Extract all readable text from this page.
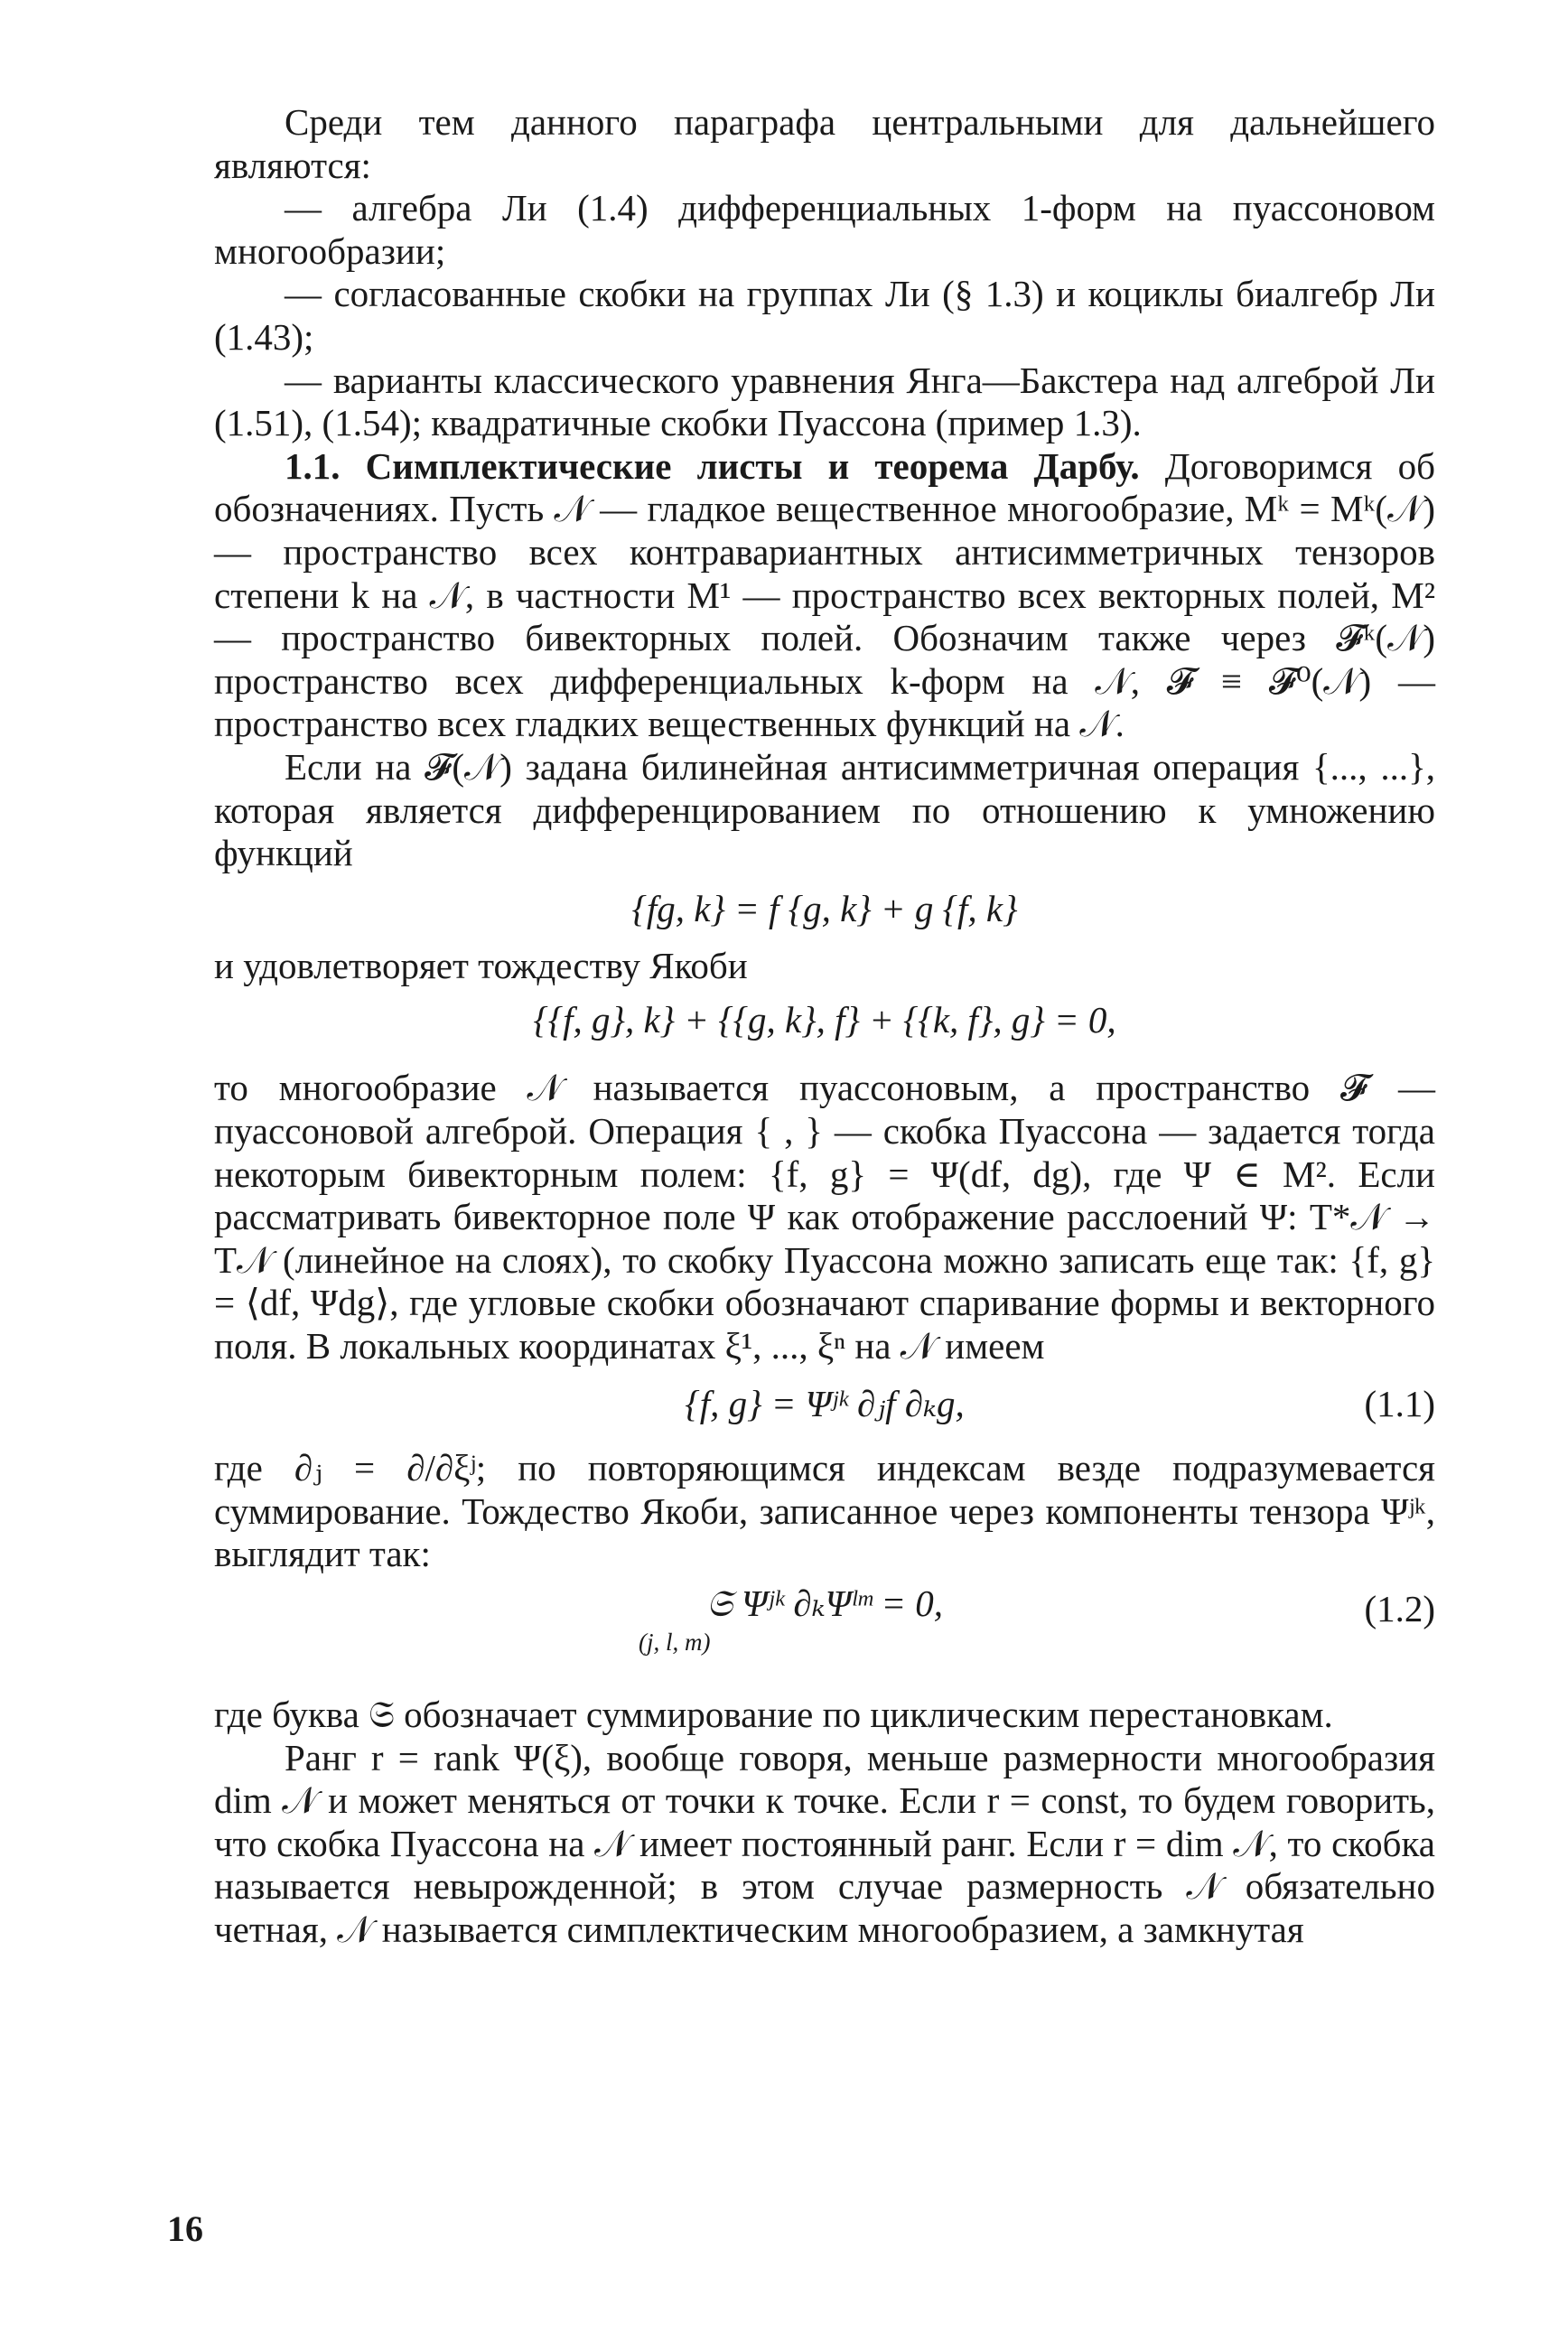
Среди тем данного параграфа центральными для дальнейшего являются:

— алгебра Ли (1.4) дифференциальных 1-форм на пуассоновом многообразии;

— согласованные скобки на группах Ли (§ 1.3) и коциклы биалгебр Ли (1.43);

— варианты классического уравнения Янга—Бакстера над алгеброй Ли (1.51), (1.54); квадратичные скобки Пуассона (пример 1.3).

1.1. Симплектические листы и теорема Дарбу. Договоримся об обозначениях. Пусть 𝒩 — гладкое вещественное многообразие, Mᵏ = Mᵏ(𝒩) — пространство всех контравариантных антисимметричных тензоров степени k на 𝒩, в частности M¹ — пространство всех векторных полей, M² — пространство бивекторных полей. Обозначим также через 𝓕ᵏ(𝒩) пространство всех дифференциальных k-форм на 𝒩, 𝓕 ≡ 𝓕⁰(𝒩) — пространство всех гладких вещественных функций на 𝒩.

Если на 𝓕(𝒩) задана билинейная антисимметричная операция {..., ...}, которая является дифференцированием по отношению к умножению функций

{fg, k} = f {g, k} + g {f, k}

и удовлетворяет тождеству Якоби

{{f, g}, k} + {{g, k}, f} + {{k, f}, g} = 0,

то многообразие 𝒩 называется пуассоновым, а пространство 𝓕 — пуассоновой алгеброй. Операция { , } — скобка Пуассона — задается тогда некоторым бивекторным полем: {f, g} = Ψ(df, dg), где Ψ ∈ M². Если рассматривать бивекторное поле Ψ как отображение расслоений Ψ: T*𝒩 → T𝒩 (линейное на слоях), то скобку Пуассона можно записать еще так: {f, g} = ⟨df, Ψdg⟩, где угловые скобки обозначают спаривание формы и векторного поля. В локальных координатах ξ¹, ..., ξⁿ на 𝒩 имеем

{f, g} = Ψʲᵏ ∂ⱼf ∂ₖg,	(1.1)

где ∂ⱼ = ∂/∂ξʲ; по повторяющимся индексам везде подразумевается суммирование. Тождество Якоби, записанное через компоненты тензора Ψʲᵏ, выглядит так:

𝔖 Ψʲᵏ ∂ₖΨˡᵐ = 0,
(j, l, m)
(1.2)

где буква 𝔖 обозначает суммирование по циклическим перестановкам.

Ранг r = rank Ψ(ξ), вообще говоря, меньше размерности многообразия dim 𝒩 и может меняться от точки к точке. Если r = const, то будем говорить, что скобка Пуассона на 𝒩 имеет постоянный ранг. Если r = dim 𝒩, то скобка называется невырожденной; в этом случае размерность 𝒩 обязательно четная, 𝒩 называется симплектическим многообразием, а замкнутая

16
